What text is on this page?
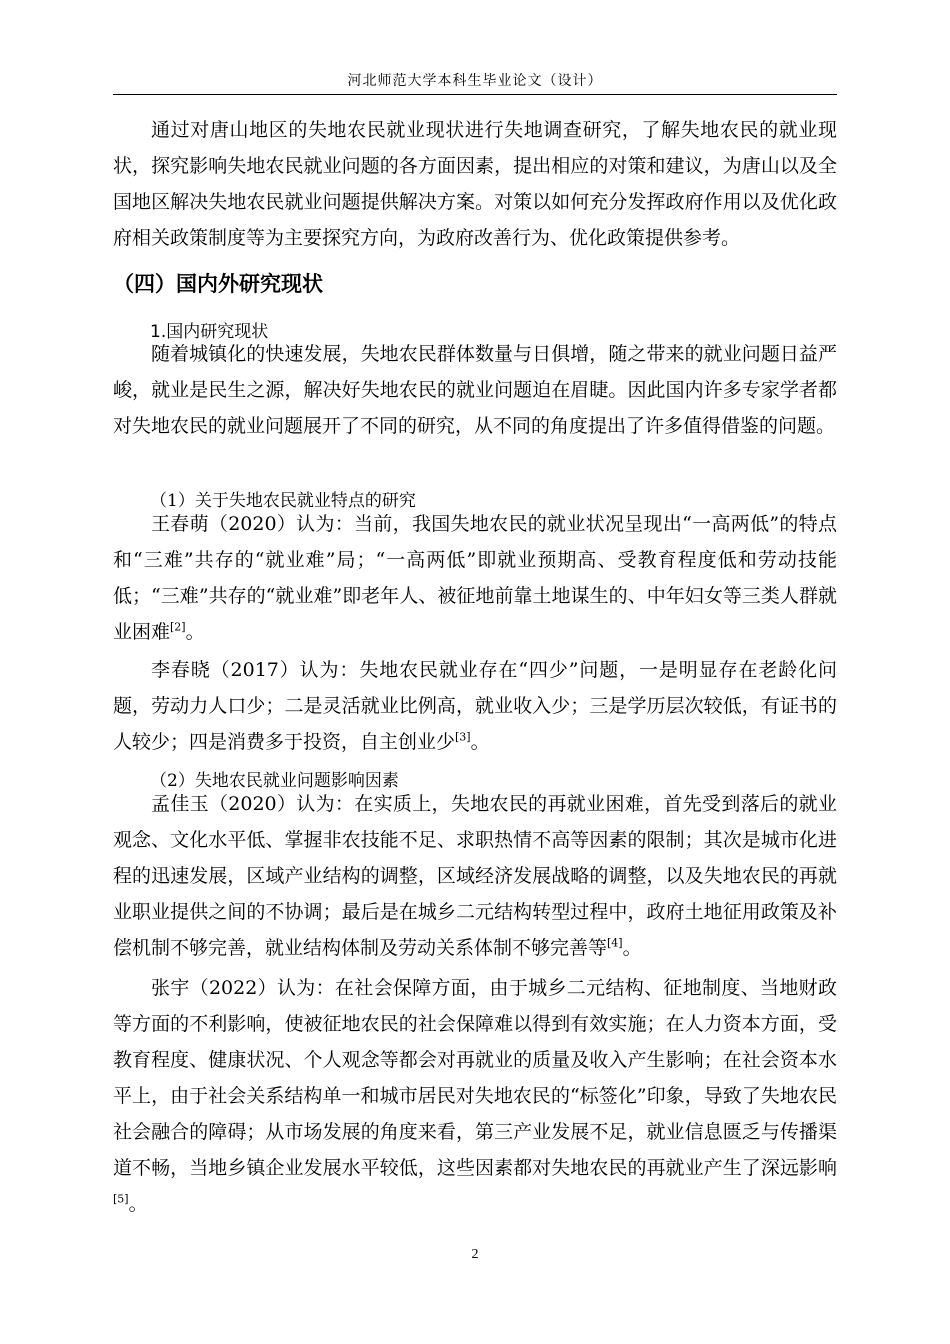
河北师范大学本科生毕业论文（设计）

通过对唐山地区的失地农民就业现状进行失地调查研究，了解失地农民的就业现状，探究影响失地农民就业问题的各方面因素，提出相应的对策和建议，为唐山以及全国地区解决失地农民就业问题提供解决方案。对策以如何充分发挥政府作用以及优化政府相关政策制度等为主要探究方向，为政府改善行为、优化政策提供参考。

（四）国内外研究现状
1.国内研究现状

随着城镇化的快速发展，失地农民群体数量与日俱增，随之带来的就业问题日益严峻，就业是民生之源，解决好失地农民的就业问题迫在眉睫。因此国内许多专家学者都对失地农民的就业问题展开了不同的研究，从不同的角度提出了许多值得借鉴的问题。

（1）关于失地农民就业特点的研究

王春萌（2020）认为：当前，我国失地农民的就业状况呈现出“一高两低”的特点和“三难”共存的“就业难”局；“一高两低”即就业预期高、受教育程度低和劳动技能低；“三难”共存的“就业难”即老年人、被征地前靠土地谋生的、中年妇女等三类人群就业困难[2]。

李春晓（2017）认为：失地农民就业存在“四少”问题，一是明显存在老龄化问题，劳动力人口少；二是灵活就业比例高，就业收入少；三是学历层次较低，有证书的人较少；四是消费多于投资，自主创业少[3]。

（2）失地农民就业问题影响因素

孟佳玉（2020）认为：在实质上，失地农民的再就业困难，首先受到落后的就业观念、文化水平低、掌握非农技能不足、求职热情不高等因素的限制；其次是城市化进程的迅速发展，区域产业结构的调整，区域经济发展战略的调整，以及失地农民的再就业职业提供之间的不协调；最后是在城乡二元结构转型过程中，政府土地征用政策及补偿机制不够完善，就业结构体制及劳动关系体制不够完善等[4]。

张宇（2022）认为：在社会保障方面，由于城乡二元结构、征地制度、当地财政等方面的不利影响，使被征地农民的社会保障难以得到有效实施；在人力资本方面，受教育程度、健康状况、个人观念等都会对再就业的质量及收入产生影响；在社会资本水平上，由于社会关系结构单一和城市居民对失地农民的“标签化”印象，导致了失地农民社会融合的障碍；从市场发展的角度来看，第三产业发展不足，就业信息匮乏与传播渠道不畅，当地乡镇企业发展水平较低，这些因素都对失地农民的再就业产生了深远影响[5]。

2
